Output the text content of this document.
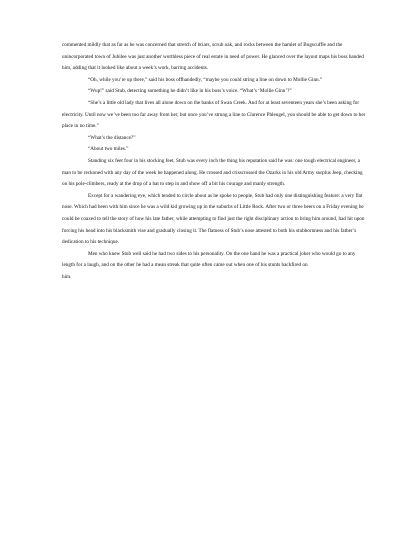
commented mildly that as far as he was concerned that stretch of briars, scrub oak, and rocks between the hamlet of Bugscuffle and the unincorporated town of Jubilee was just another worthless piece of real estate in need of power. He glanced over the layout maps his boss handed him, adding that it looked like about a week’s work, barring accidents.

“Oh, while you’re up there,” said his boss offhandedly, “maybe you could string a line on down to Mollie Ginn.”

“Wup!” said Stub, detecting something he didn’t like in his boss’s voice. “What’s ‘Mollie Ginn’?”

“She’s a little old lady that lives all alone down on the banks of Swan Creek. And for at least seventeen years she’s been asking for electricity. Until now we’ve been too far away from her, but once you’ve strung a line to Clarence Phleugel, you should be able to get down to her place in no time.”

“What’s the distance?”

“About two miles.”

Standing six feet four in his stocking feet, Stub was every inch the thing his reputation said he was: one tough electrical engineer, a man to be reckoned with any day of the week he happened along. He crossed and crisscrossed the Ozarks in his old Army surplus Jeep, checking on his pole-climbers, ready at the drop of a hat to step in and show off a bit his courage and manly strength.

Except for a wandering eye, which tended to circle about as he spoke to people, Stub had only one distinguishing feature: a very flat nose. Which had been with him since he was a wild kid growing up in the suburbs of Little Rock. After two or three beers on a Friday evening he could be coaxed to tell the story of how his late father, while attempting to find just the right disciplinary action to bring him around, had hit upon forcing his head into his blacksmith vise and gradually closing it. The flatness of Stub’s nose attested to both his stubbornness and his father’s dedication to his technique.

Men who knew Stub well said he had two sides to his personality. On the one hand he was a practical joker who would go to any length for a laugh, and on the other he had a mean streak that quite often came out when one of his stunts backfired on

him.
